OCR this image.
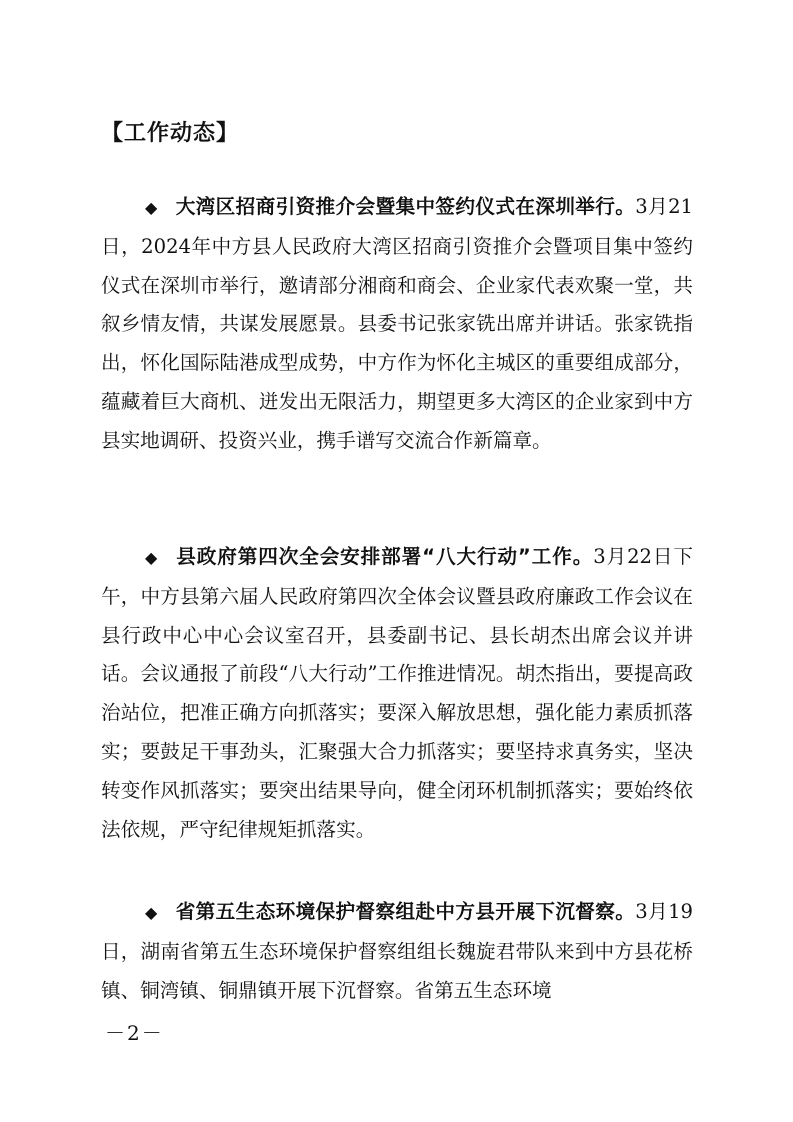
【工作动态】
◆ 大湾区招商引资推介会暨集中签约仪式在深圳举行。3月21日，2024年中方县人民政府大湾区招商引资推介会暨项目集中签约仪式在深圳市举行，邀请部分湘商和商会、企业家代表欢聚一堂，共叙乡情友情，共谋发展愿景。县委书记张家铣出席并讲话。张家铣指出，怀化国际陆港成型成势，中方作为怀化主城区的重要组成部分，蕴藏着巨大商机、迸发出无限活力，期望更多大湾区的企业家到中方县实地调研、投资兴业，携手谱写交流合作新篇章。
◆ 县政府第四次全会安排部署“八大行动”工作。3月22日下午，中方县第六届人民政府第四次全体会议暨县政府廉政工作会议在县行政中心中心会议室召开，县委副书记、县长胡杰出席会议并讲话。会议通报了前段“八大行动”工作推进情况。胡杰指出，要提高政治站位，把准正确方向抓落实；要深入解放思想，强化能力素质抓落实；要鼓足干事劲头，汇聚强大合力抓落实；要坚持求真务实，坚决转变作风抓落实；要突出结果导向，健全闭环机制抓落实；要始终依法依规，严守纪律规矩抓落实。
◆ 省第五生态环境保护督察组赴中方县开展下沉督察。3月19日，湖南省第五生态环境保护督察组组长魏旋君带队来到中方县花桥镇、铜湾镇、铜鼎镇开展下沉督察。省第五生态环境
－2－
